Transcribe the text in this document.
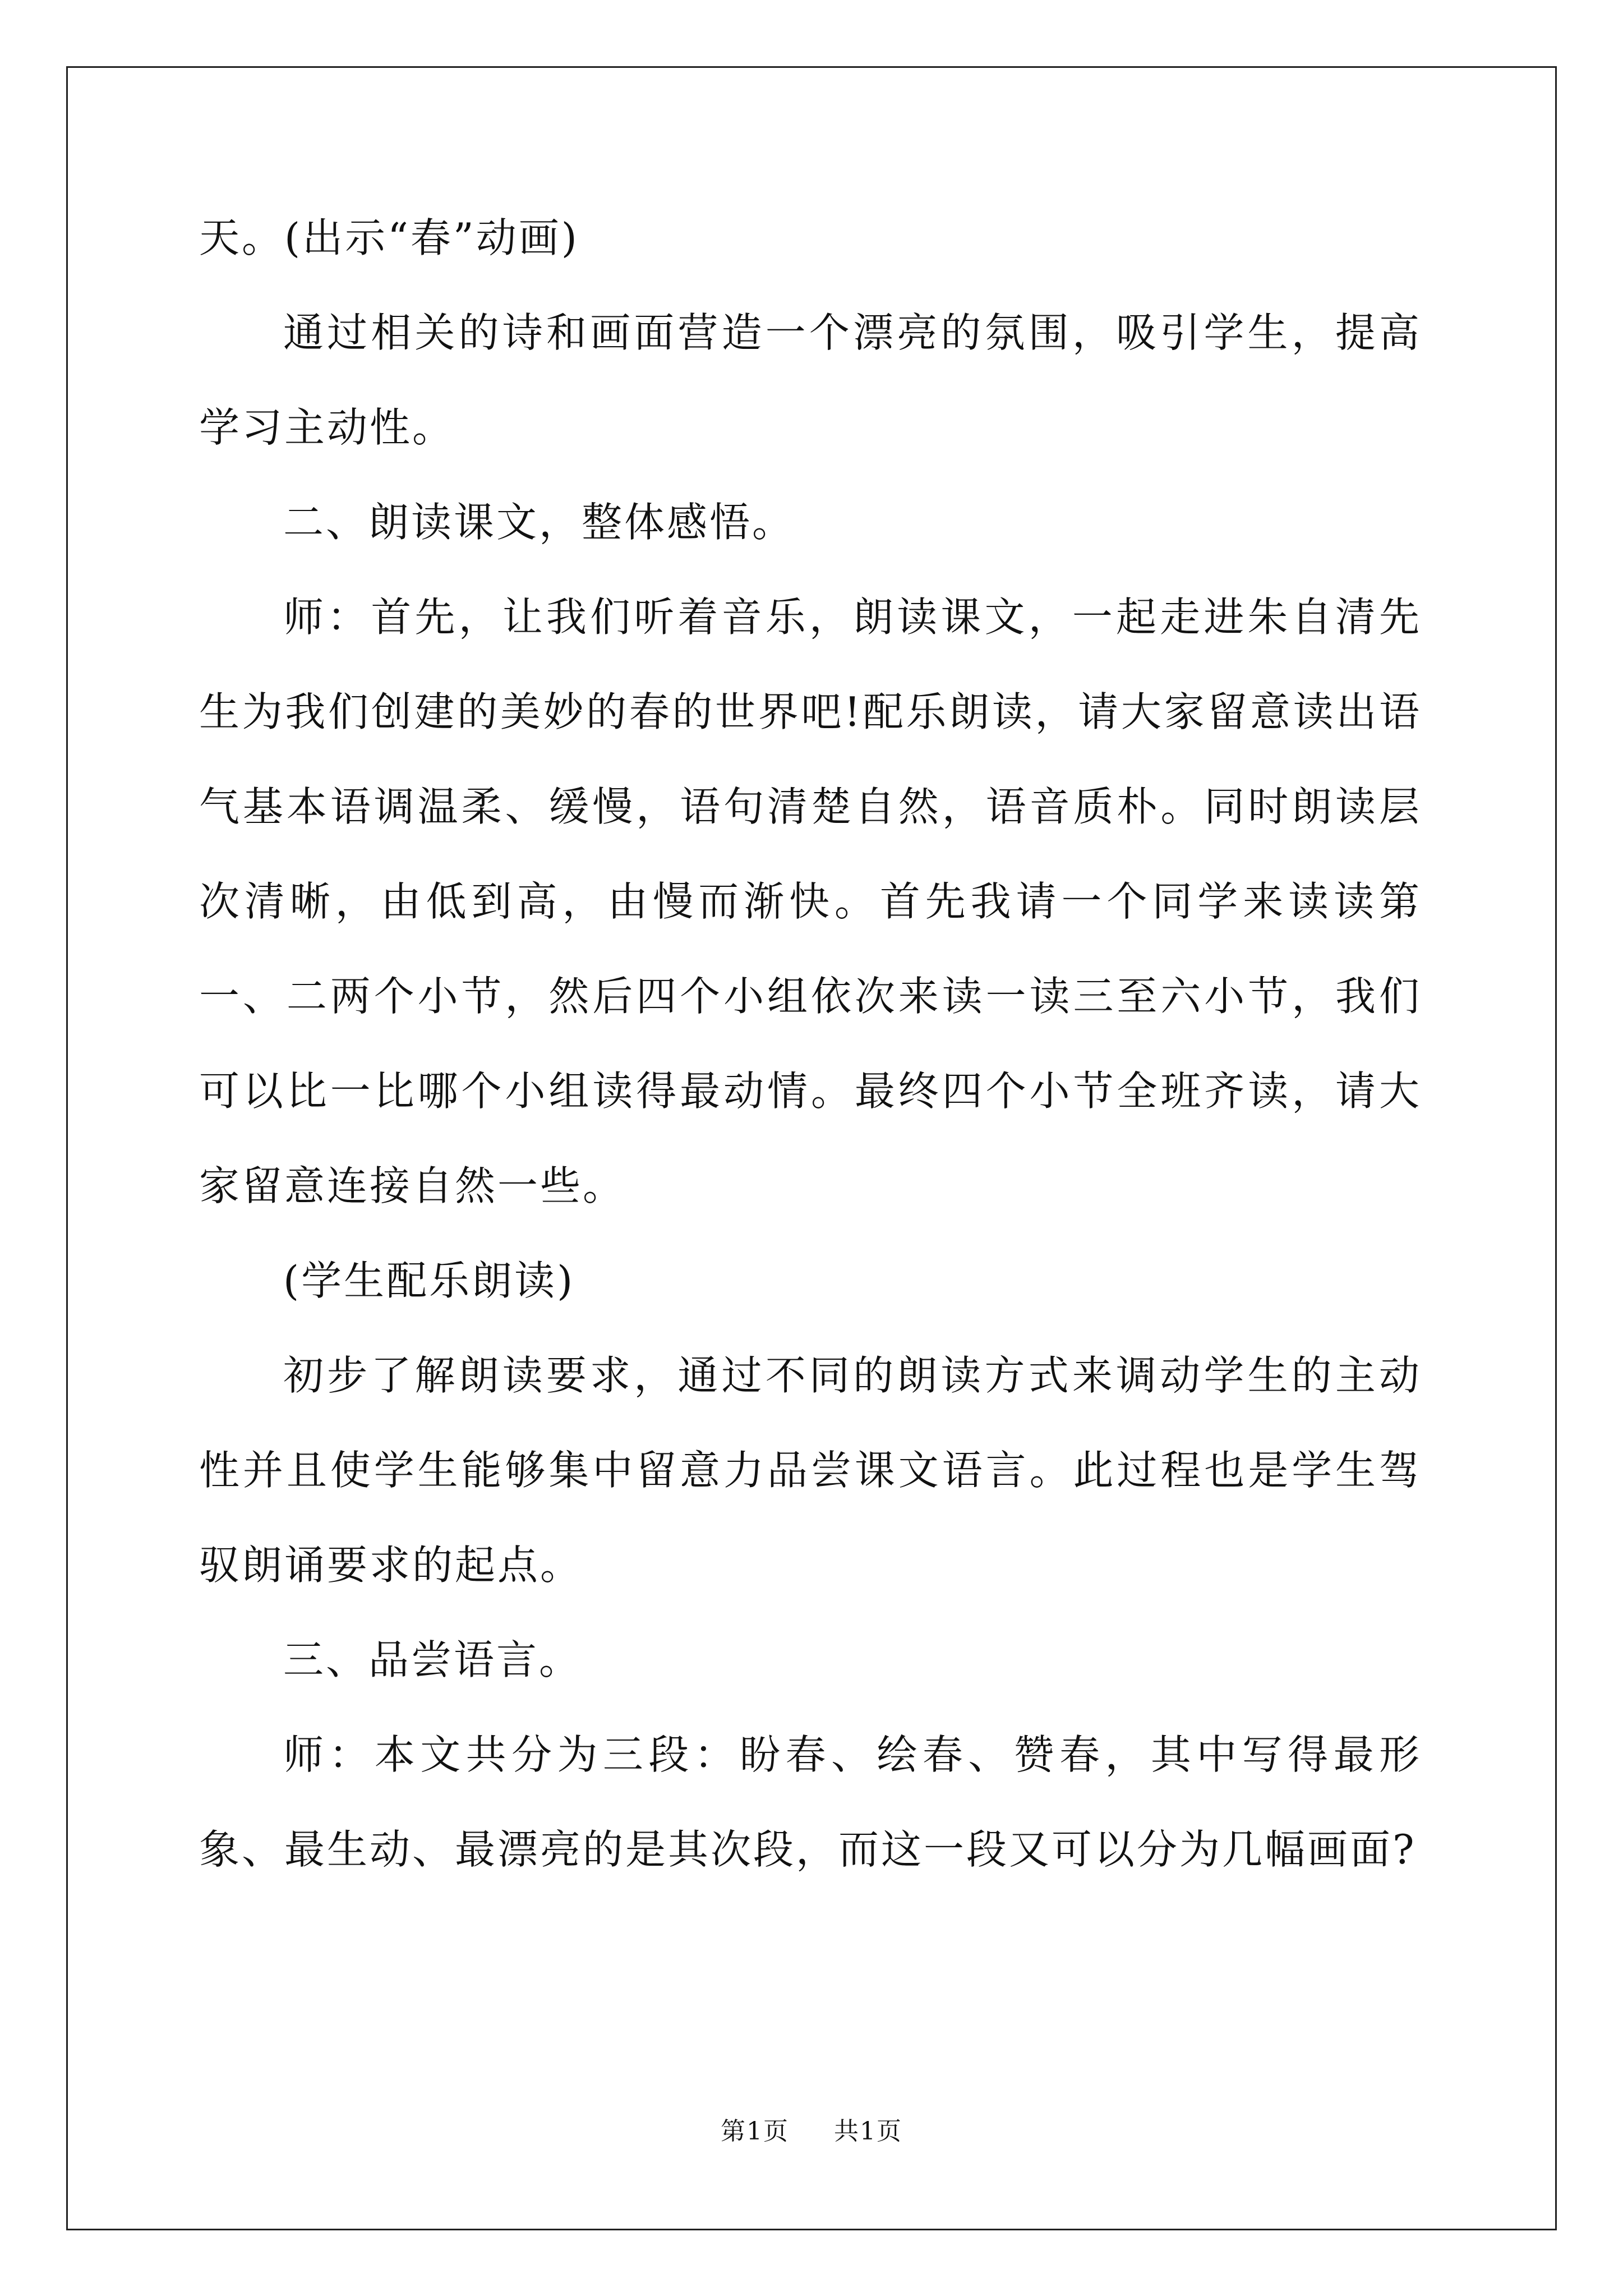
天。(出示“春”动画)

通过相关的诗和画面营造一个漂亮的氛围，吸引学生，提高学习主动性。

二、朗读课文，整体感悟。

师：首先，让我们听着音乐，朗读课文，一起走进朱自清先生为我们创建的美妙的春的世界吧!配乐朗读，请大家留意读出语气基本语调温柔、缓慢，语句清楚自然，语音质朴。同时朗读层次清晰，由低到高，由慢而渐快。首先我请一个同学来读读第一、二两个小节，然后四个小组依次来读一读三至六小节，我们可以比一比哪个小组读得最动情。最终四个小节全班齐读，请大家留意连接自然一些。

(学生配乐朗读)

初步了解朗读要求，通过不同的朗读方式来调动学生的主动性并且使学生能够集中留意力品尝课文语言。此过程也是学生驾驭朗诵要求的起点。

三、品尝语言。

师：本文共分为三段：盼春、绘春、赞春，其中写得最形象、最生动、最漂亮的是其次段，而这一段又可以分为几幅画面?

第1页 共1页
